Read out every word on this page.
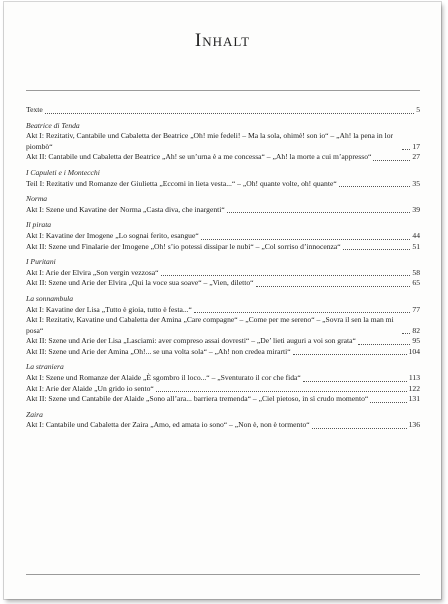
Inhalt
Texte	5
Beatrice di Tenda
Akt I: Rezitativ, Cantabile und Cabaletta der Beatrice „Oh! mie fedeli! – Ma la sola, ohimè! son io“ – „Ah! la pena in lor piombò“	17
Akt II: Cantabile und Cabaletta der Beatrice „Ah! se un’urna è a me concessa“ – „Ah! la morte a cui m’appresso“	27
I Capuleti e i Montecchi
Teil I: Rezitativ und Romanze der Giulietta „Eccomi in lieta vesta...“ – „Oh! quante volte, oh! quante“	35
Norma
Akt I: Szene und Kavatine der Norma „Casta diva, che inargenti“	39
Il pirata
Akt I: Kavatine der Imogene „Lo sognai ferito, esangue“	44
Akt II: Szene und Finalarie der Imogene „Oh! s’io potessi dissipar le nubi“ – „Col sorriso d’innocenza“	51
I Puritani
Akt I: Arie der Elvira „Son vergin vezzosa“	58
Akt II: Szene und Arie der Elvira „Qui la voce sua soave“ – „Vien, diletto“	65
La sonnambula
Akt I: Kavatine der Lisa „Tutto è gioia, tutto è festa...“	77
Akt I: Rezitativ, Kavatine und Cabaletta der Amina „Care compagne“ – „Come per me sereno“ – „Sovra il sen la man mi posa“	82
Akt II: Szene und Arie der Lisa „Lasciami: aver compreso assai dovresti“ – „De’ lieti auguri a voi son grata“	95
Akt II: Szene und Arie der Amina „Oh!... se una volta sola“ – „Ah! non credea mirarti“	104
La straniera
Akt I: Szene und Romanze der Alaide „È sgombro il loco...“ – „Sventurato il cor che fida“	113
Akt I: Arie der Alaide „Un grido io sento“	122
Akt II: Szene und Cantabile der Alaide „Sono all’ara... barriera tremenda“ – „Ciel pietoso, in sì crudo momento“	131
Zaira
Akt I: Cantabile und Cabaletta der Zaira „Amo, ed amata io sono“ – „Non è, non è tormento“	136
